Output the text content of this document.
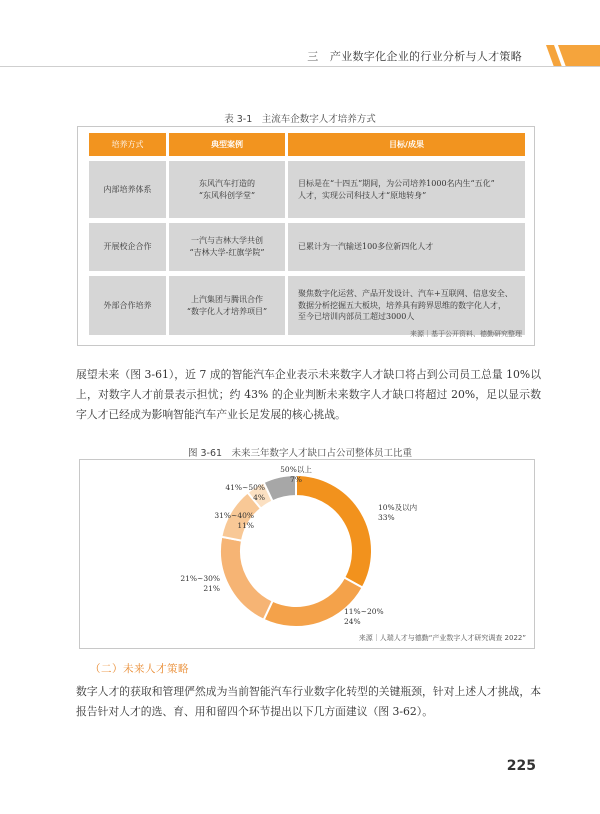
三　产业数字化企业的行业分析与人才策略
表 3-1　主流车企数字人才培养方式
培养方式	典型案例	目标/成果
内部培养体系
东风汽车打造的
“东风科创学堂”
目标是在“十四五”期间，为公司培养1000名内生“五化”
人才，实现公司科技人才“原地转身”
开展校企合作
一汽与吉林大学共创
“吉林大学-红旗学院”
已累计为一汽输送100多位新四化人才
外部合作培养
上汽集团与腾讯合作
“数字化人才培养项目”
聚焦数字化运营、产品开发设计、汽车+互联网、信息安全、
数据分析挖掘五大板块，培养具有跨界思维的数字化人才，
至今已培训内部员工超过3000人
来源｜基于公开资料、德勤研究整理
展望未来（图 3-61），近 7 成的智能汽车企业表示未来数字人才缺口将占到公司员工总量 10%以上，对数字人才前景表示担忧；约 43% 的企业判断未来数字人才缺口将超过 20%，足以显示数字人才已经成为影响智能汽车产业长足发展的核心挑战。
图 3-61　未来三年数字人才缺口占公司整体员工比重
10%及以内 33%
11%~20% 24%
21%~30% 21%
31%~40% 11%
41%~50% 4%
50%以上 7%
来源｜人瑞人才与德勤“产业数字人才研究调查 2022”
（二）未来人才策略
数字人才的获取和管理俨然成为当前智能汽车行业数字化转型的关键瓶颈，针对上述人才挑战，本报告针对人才的选、育、用和留四个环节提出以下几方面建议（图 3-62）。
225
